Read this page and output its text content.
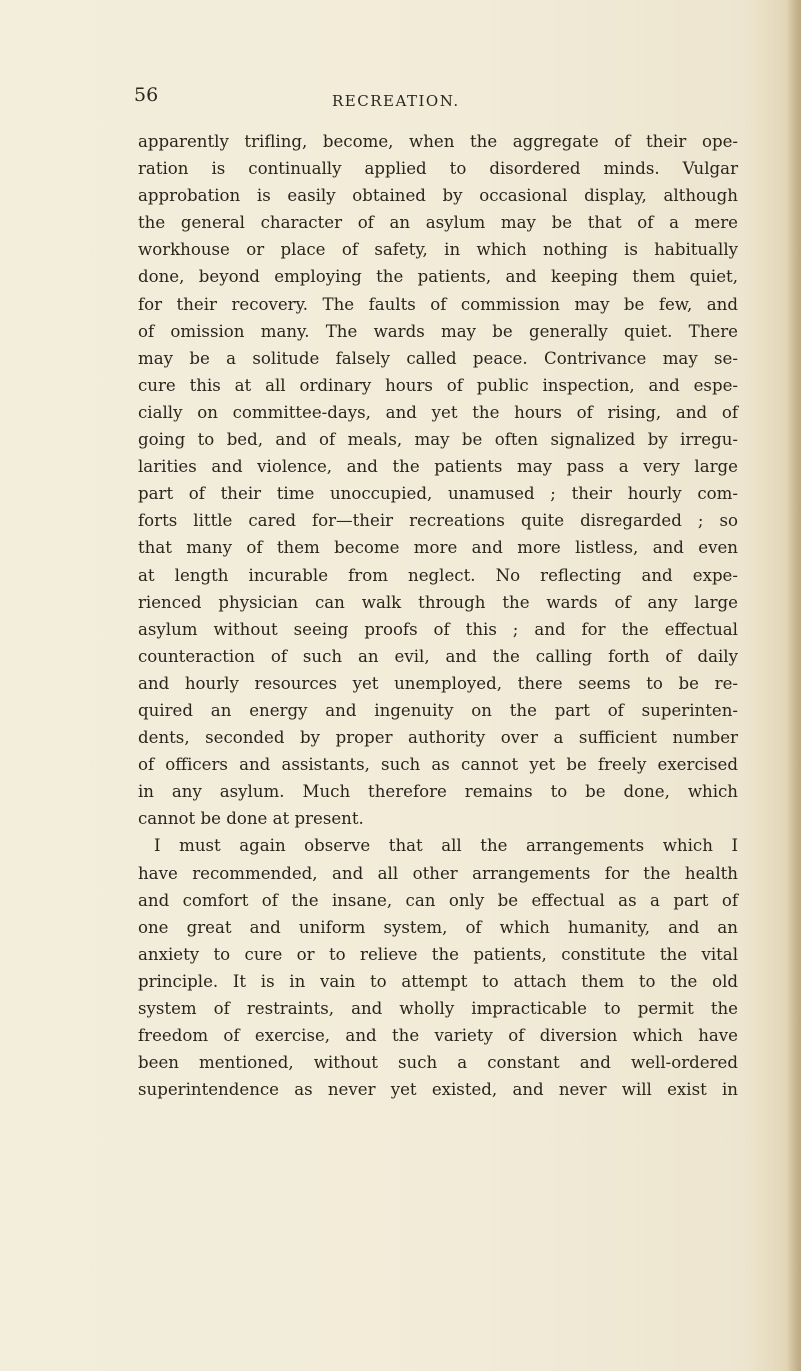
56	RECREATION.
apparently trifling, become, when the aggregate of their ope-
ration is continually applied to disordered minds. Vulgar
approbation is easily obtained by occasional display, although
the general character of an asylum may be that of a mere
workhouse or place of safety, in which nothing is habitually
done, beyond employing the patients, and keeping them quiet,
for their recovery. The faults of commission may be few, and
of omission many. The wards may be generally quiet. There
may be a solitude falsely called peace. Contrivance may se-
cure this at all ordinary hours of public inspection, and espe-
cially on committee-days, and yet the hours of rising, and of
going to bed, and of meals, may be often signalized by irregu-
larities and violence, and the patients may pass a very large
part of their time unoccupied, unamused ; their hourly com-
forts little cared for—their recreations quite disregarded ; so
that many of them become more and more listless, and even
at length incurable from neglect. No reflecting and expe-
rienced physician can walk through the wards of any large
asylum without seeing proofs of this ; and for the effectual
counteraction of such an evil, and the calling forth of daily
and hourly resources yet unemployed, there seems to be re-
quired an energy and ingenuity on the part of superinten-
dents, seconded by proper authority over a sufficient number
of officers and assistants, such as cannot yet be freely exercised
in any asylum. Much therefore remains to be done, which
cannot be done at present.
I must again observe that all the arrangements which I
have recommended, and all other arrangements for the health
and comfort of the insane, can only be effectual as a part of
one great and uniform system, of which humanity, and an
anxiety to cure or to relieve the patients, constitute the vital
principle. It is in vain to attempt to attach them to the old
system of restraints, and wholly impracticable to permit the
freedom of exercise, and the variety of diversion which have
been mentioned, without such a constant and well-ordered
superintendence as never yet existed, and never will exist in
